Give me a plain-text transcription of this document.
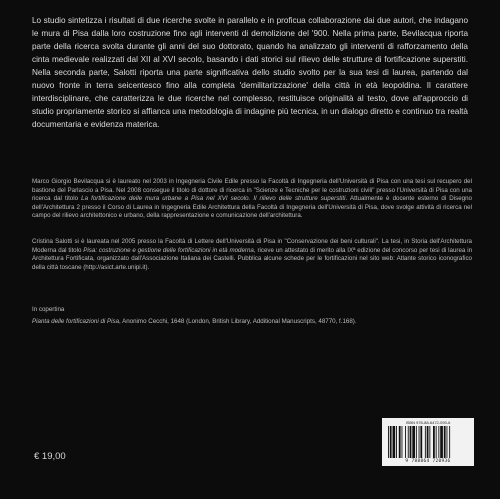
Lo studio sintetizza i risultati di due ricerche svolte in parallelo e in proficua collaborazione dai due autori, che indagano le mura di Pisa dalla loro costruzione fino agli interventi di demolizione del '900. Nella prima parte, Bevilacqua riporta parte della ricerca svolta durante gli anni del suo dottorato, quando ha analizzato gli interventi di rafforzamento della cinta medievale realizzati dal XII al XVI secolo, basando i dati storici sul rilievo delle strutture di fortificazione superstiti. Nella seconda parte, Salotti riporta una parte significativa dello studio svolto per la sua tesi di laurea, partendo dal nuovo fronte in terra seicentesco fino alla completa 'demilitarizzazione' della città in età leopoldina. Il carattere interdisciplinare, che caratterizza le due ricerche nel complesso, restituisce originalità al testo, dove all'approccio di studio propriamente storico si affianca una metodologia di indagine più tecnica, in un dialogo diretto e continuo tra realtà documentaria e evidenza materica.

Marco Giorgio Bevilacqua si è laureato nel 2003 in Ingegneria Civile Edile presso la Facoltà di Ingegneria dell'Università di Pisa con una tesi sul recupero del bastione del Parlascio a Pisa. Nel 2008 consegue il titolo di dottore di ricerca in "Scienze e Tecniche per le costruzioni civili" presso l'Università di Pisa con una ricerca dal titolo La fortificazione delle mura urbane a Pisa nel XVI secolo. Il rilievo delle strutture superstiti. Attualmente è docente esterno di Disegno dell'Architettura 2 presso il Corso di Laurea in Ingegneria Edile Architettura della Facoltà di Ingegneria dell'Università di Pisa, dove svolge attività di ricerca nel campo del rilievo architettonico e urbano, della rappresentazione e comunicazione dell'architettura.

Cristina Salotti si è laureata nel 2005 presso la Facoltà di Lettere dell'Università di Pisa in "Conservazione dei beni culturali". La tesi, in Storia dell'Architettura Moderna dal titolo Pisa: costruzione e gestione delle fortificazioni in età moderna, riceve un attestato di merito alla IXª edizione del concorso per tesi di laurea in Architettura Fortificata, organizzato dall'Associazione Italiana dei Castelli. Pubblica alcune schede per le fortificazioni nel sito web: Atlante storico iconografico della città toscane (http://asict.arte.unipi.it).

In copertina

Pianta delle fortificazioni di Pisa, Anonimo Cecchi, 1648 (London, British Library, Additional Manuscripts, 48770, f.168).

ISBN 978-88-6472-093-6
9 788864 720936
€ 19,00
